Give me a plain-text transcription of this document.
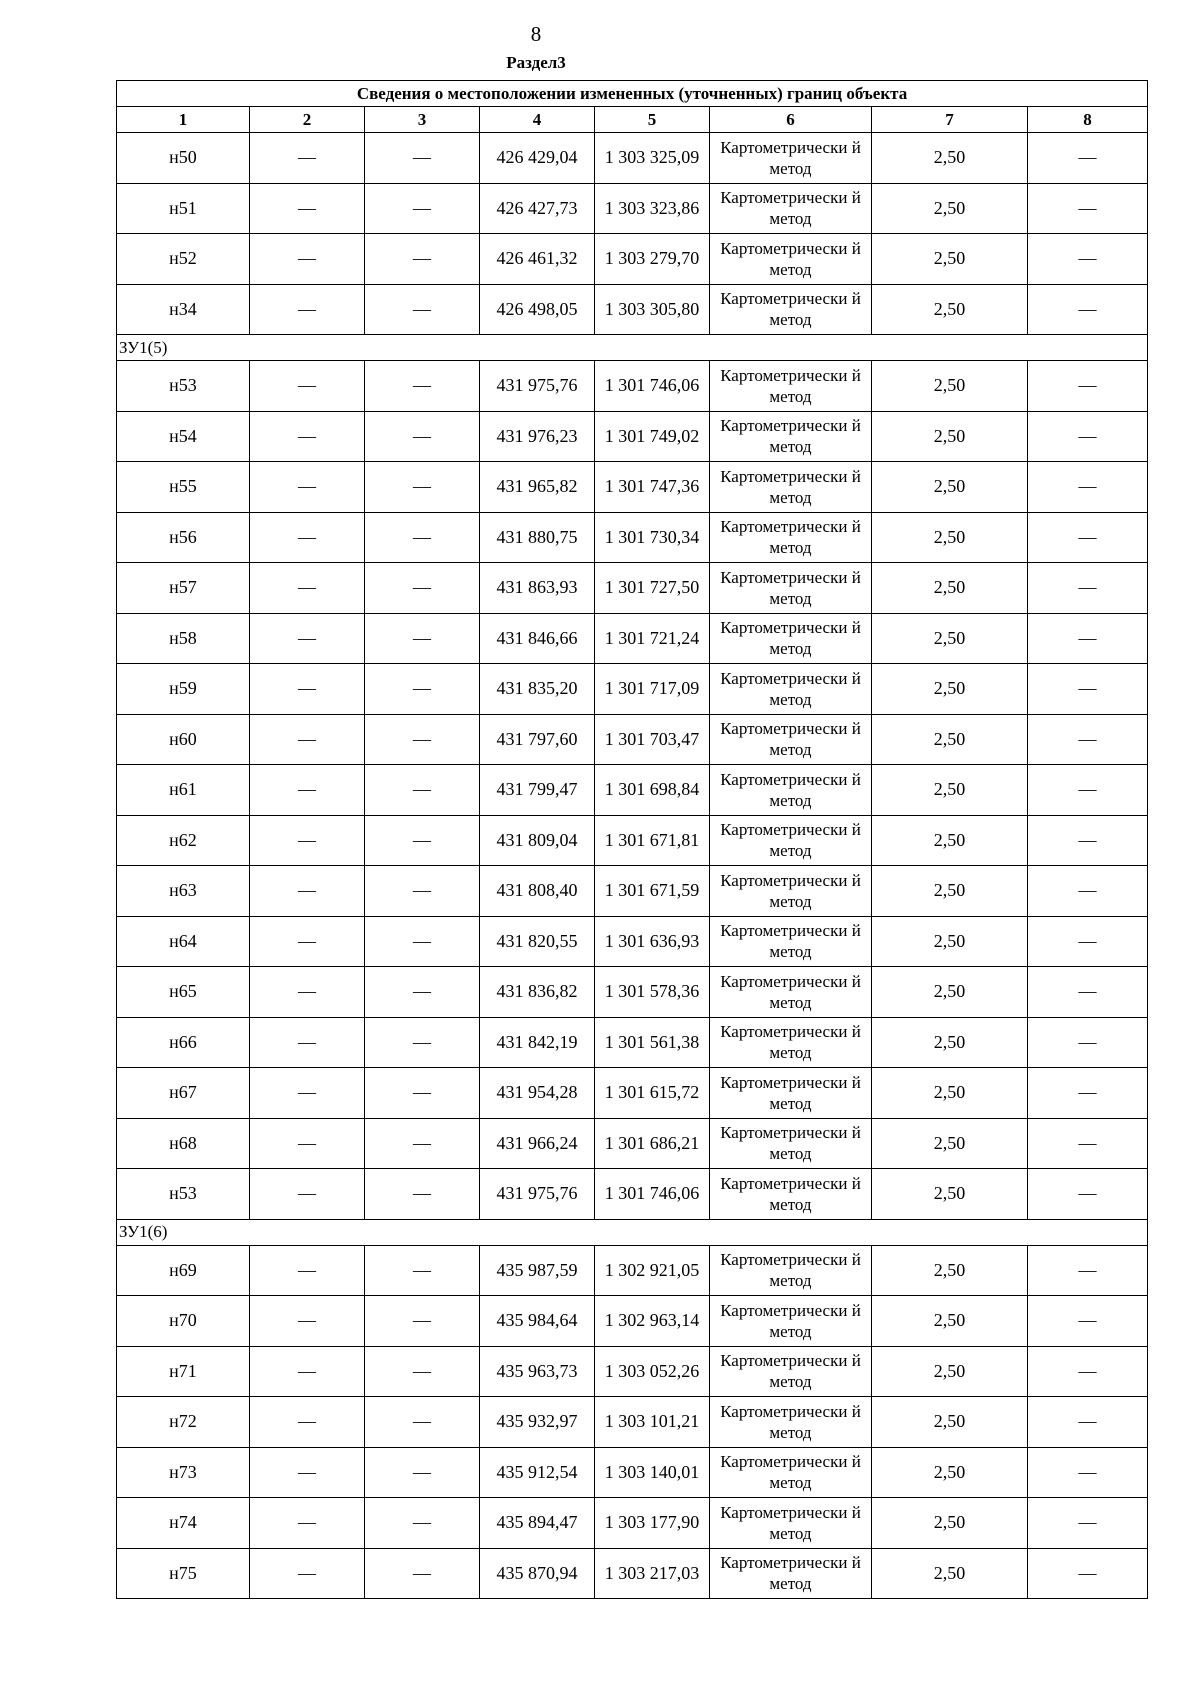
8
Раздел3
Сведения о местоположении измененных (уточненных) границ объекта							
1	2	3	4	5	6	7	8
н50	—	—	426 429,04	1 303 325,09	Картометрически й метод	2,50	—
н51	—	—	426 427,73	1 303 323,86	Картометрически й метод	2,50	—
н52	—	—	426 461,32	1 303 279,70	Картометрически й метод	2,50	—
н34	—	—	426 498,05	1 303 305,80	Картометрически й метод	2,50	—
ЗУ1(5)							
н53	—	—	431 975,76	1 301 746,06	Картометрически й метод	2,50	—
н54	—	—	431 976,23	1 301 749,02	Картометрически й метод	2,50	—
н55	—	—	431 965,82	1 301 747,36	Картометрически й метод	2,50	—
н56	—	—	431 880,75	1 301 730,34	Картометрически й метод	2,50	—
н57	—	—	431 863,93	1 301 727,50	Картометрически й метод	2,50	—
н58	—	—	431 846,66	1 301 721,24	Картометрически й метод	2,50	—
н59	—	—	431 835,20	1 301 717,09	Картометрически й метод	2,50	—
н60	—	—	431 797,60	1 301 703,47	Картометрически й метод	2,50	—
н61	—	—	431 799,47	1 301 698,84	Картометрически й метод	2,50	—
н62	—	—	431 809,04	1 301 671,81	Картометрически й метод	2,50	—
н63	—	—	431 808,40	1 301 671,59	Картометрически й метод	2,50	—
н64	—	—	431 820,55	1 301 636,93	Картометрически й метод	2,50	—
н65	—	—	431 836,82	1 301 578,36	Картометрически й метод	2,50	—
н66	—	—	431 842,19	1 301 561,38	Картометрически й метод	2,50	—
н67	—	—	431 954,28	1 301 615,72	Картометрически й метод	2,50	—
н68	—	—	431 966,24	1 301 686,21	Картометрически й метод	2,50	—
н53	—	—	431 975,76	1 301 746,06	Картометрически й метод	2,50	—
ЗУ1(6)							
н69	—	—	435 987,59	1 302 921,05	Картометрически й метод	2,50	—
н70	—	—	435 984,64	1 302 963,14	Картометрически й метод	2,50	—
н71	—	—	435 963,73	1 303 052,26	Картометрически й метод	2,50	—
н72	—	—	435 932,97	1 303 101,21	Картометрически й метод	2,50	—
н73	—	—	435 912,54	1 303 140,01	Картометрически й метод	2,50	—
н74	—	—	435 894,47	1 303 177,90	Картометрически й метод	2,50	—
н75	—	—	435 870,94	1 303 217,03	Картометрически й метод	2,50	—
